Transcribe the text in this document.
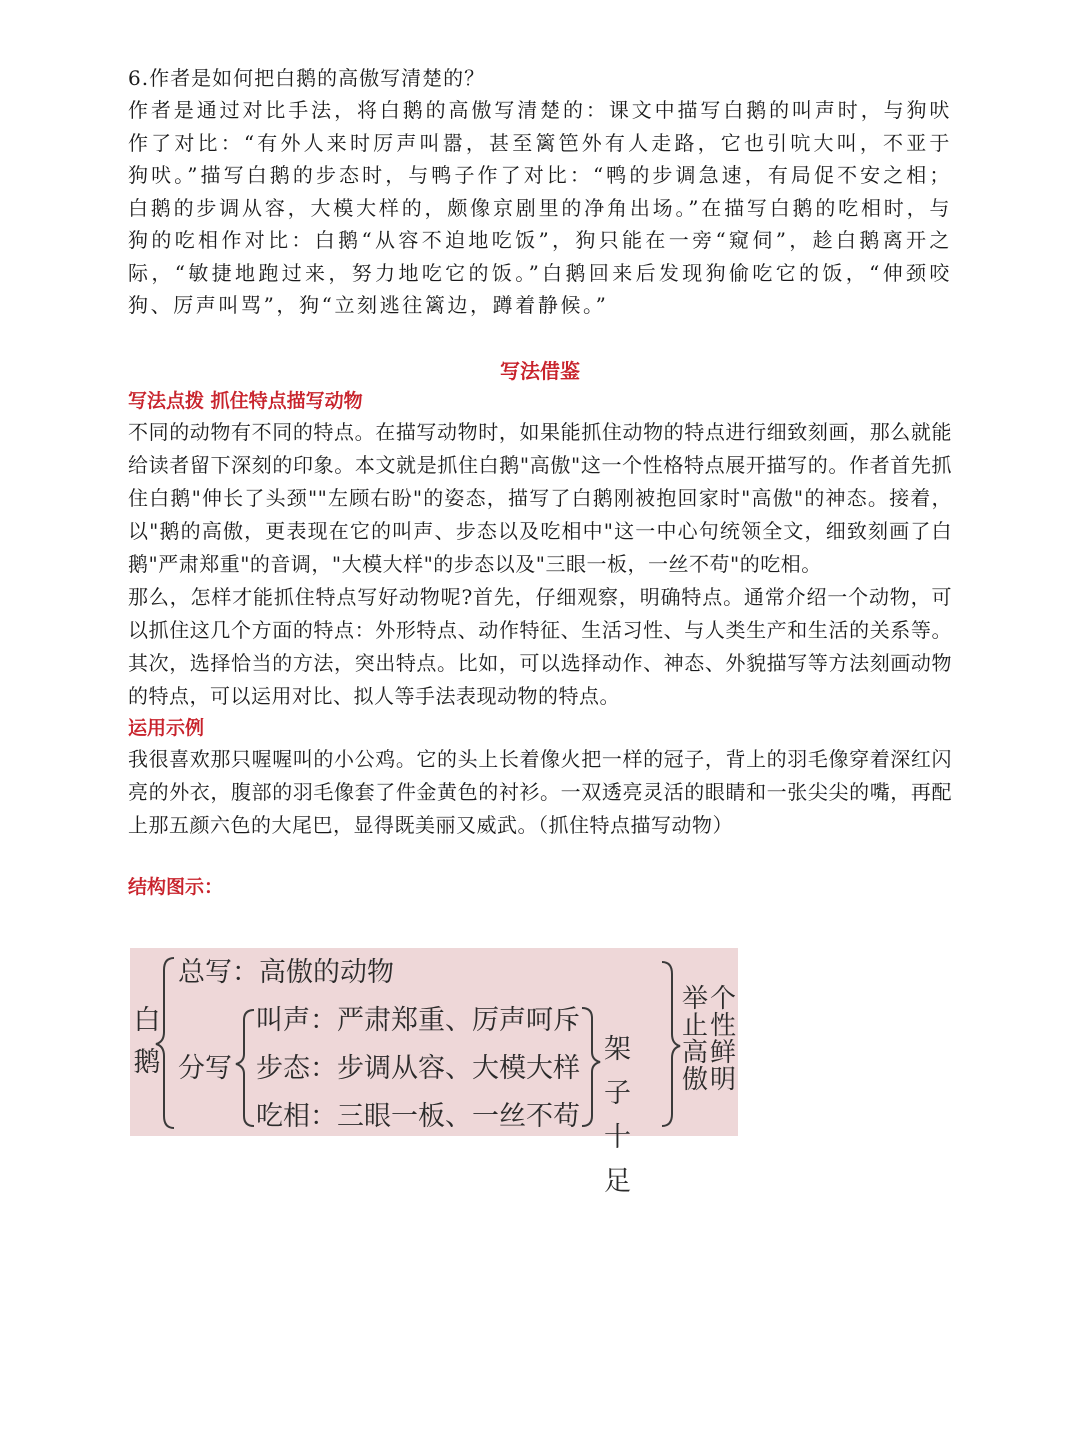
6.作者是如何把白鹅的高傲写清楚的？

作者是通过对比手法，将白鹅的高傲写清楚的：课文中描写白鹅的叫声时，与狗吠作了对比：“有外人来时厉声叫嚣，甚至篱笆外有人走路，它也引吭大叫，不亚于狗吠。”描写白鹅的步态时，与鸭子作了对比：“鸭的步调急速，有局促不安之相；白鹅的步调从容，大模大样的，颇像京剧里的净角出场。”在描写白鹅的吃相时，与狗的吃相作对比：白鹅“从容不迫地吃饭”，狗只能在一旁“窥伺”，趁白鹅离开之际，“敏捷地跑过来，努力地吃它的饭。”白鹅回来后发现狗偷吃它的饭，“伸颈咬狗、厉声叫骂”，狗“立刻逃往篱边，蹲着静候。”

写法借鉴
写法点拨 抓住特点描写动物

不同的动物有不同的特点。在描写动物时，如果能抓住动物的特点进行细致刻画，那么就能给读者留下深刻的印象。本文就是抓住白鹅"高傲"这一个性格特点展开描写的。作者首先抓住白鹅"伸长了头颈""左顾右盼"的姿态，描写了白鹅刚被抱回家时"高傲"的神态。接着，以"鹅的高傲，更表现在它的叫声、步态以及吃相中"这一中心句统领全文，细致刻画了白鹅"严肃郑重"的音调，"大模大样"的步态以及"三眼一板，一丝不苟"的吃相。

那么，怎样才能抓住特点写好动物呢?首先，仔细观察，明确特点。通常介绍一个动物，可以抓住这几个方面的特点：外形特点、动作特征、生活习性、与人类生产和生活的关系等。其次，选择恰当的方法，突出特点。比如，可以选择动作、神态、外貌描写等方法刻画动物的特点，可以运用对比、拟人等手法表现动物的特点。

运用示例

我很喜欢那只喔喔叫的小公鸡。它的头上长着像火把一样的冠子，背上的羽毛像穿着深红闪亮的外衣，腹部的羽毛像套了件金黄色的衬衫。一双透亮灵活的眼睛和一张尖尖的嘴，再配上那五颜六色的大尾巴，显得既美丽又威武。（抓住特点描写动物）

结构图示：
白鹅
总写：高傲的动物
分写
叫声：严肃郑重、厉声呵斥
步态：步调从容、大模大样
吃相：三眼一板、一丝不苟
架子十足
举止高傲
个性鲜明
